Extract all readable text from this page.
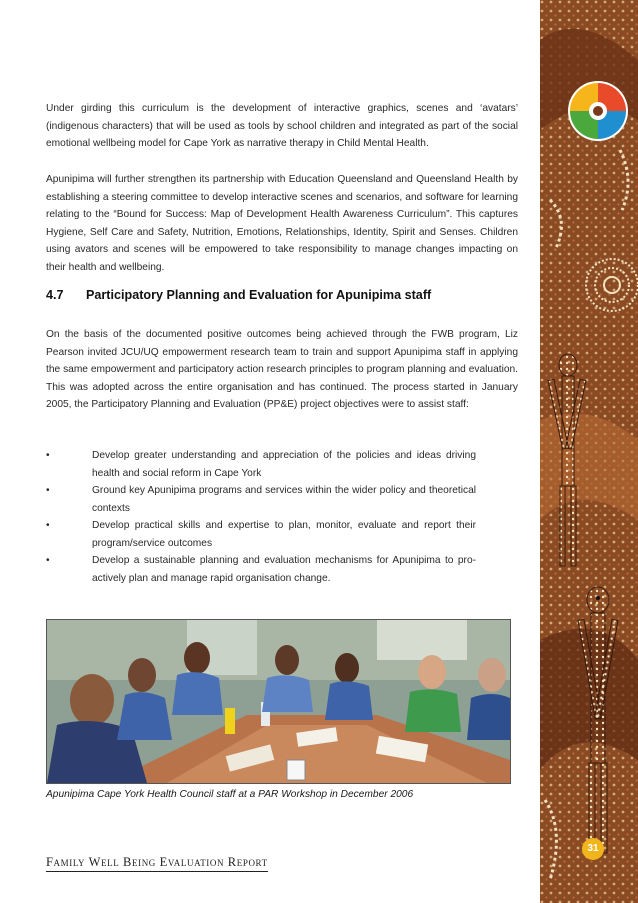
Under girding this curriculum is the development of interactive graphics, scenes and ‘avatars’ (indigenous characters) that will be used as tools by school children and integrated as part of the social emotional wellbeing model for Cape York as narrative therapy in Child Mental Health.

Apunipima will further strengthen its partnership with Education Queensland and Queensland Health by establishing a steering committee to develop interactive scenes and scenarios, and software for learning relating to the “Bound for Success: Map of Development Health Awareness Curriculum”. This captures Hygiene, Self Care and Safety, Nutrition, Emotions, Relationships, Identity, Spirit and Senses. Children using avators and scenes will be empowered to take responsibility to manage changes impacting on their health and wellbeing.

4.7 Participatory Planning and Evaluation for Apunipima staff

On the basis of the documented positive outcomes being achieved through the FWB program, Liz Pearson invited JCU/UQ empowerment research team to train and support Apunipima staff in applying the same empowerment and participatory action research principles to program planning and evaluation. This was adopted across the entire organisation and has continued. The process started in January 2005, the Participatory Planning and Evaluation (PP&E) project objectives were to assist staff:

•	Develop greater understanding and appreciation of the policies and ideas driving health and social reform in Cape York
•	Ground key Apunipima programs and services within the wider policy and theoretical contexts
•	Develop practical skills and expertise to plan, monitor, evaluate and report their program/service outcomes
•	Develop a sustainable planning and evaluation mechanisms for Apunipima to pro-actively plan and manage rapid organisation change.

Apunipima Cape York Health Council staff at a PAR Workshop in December 2006

Family Well Being Evaluation Report
31
